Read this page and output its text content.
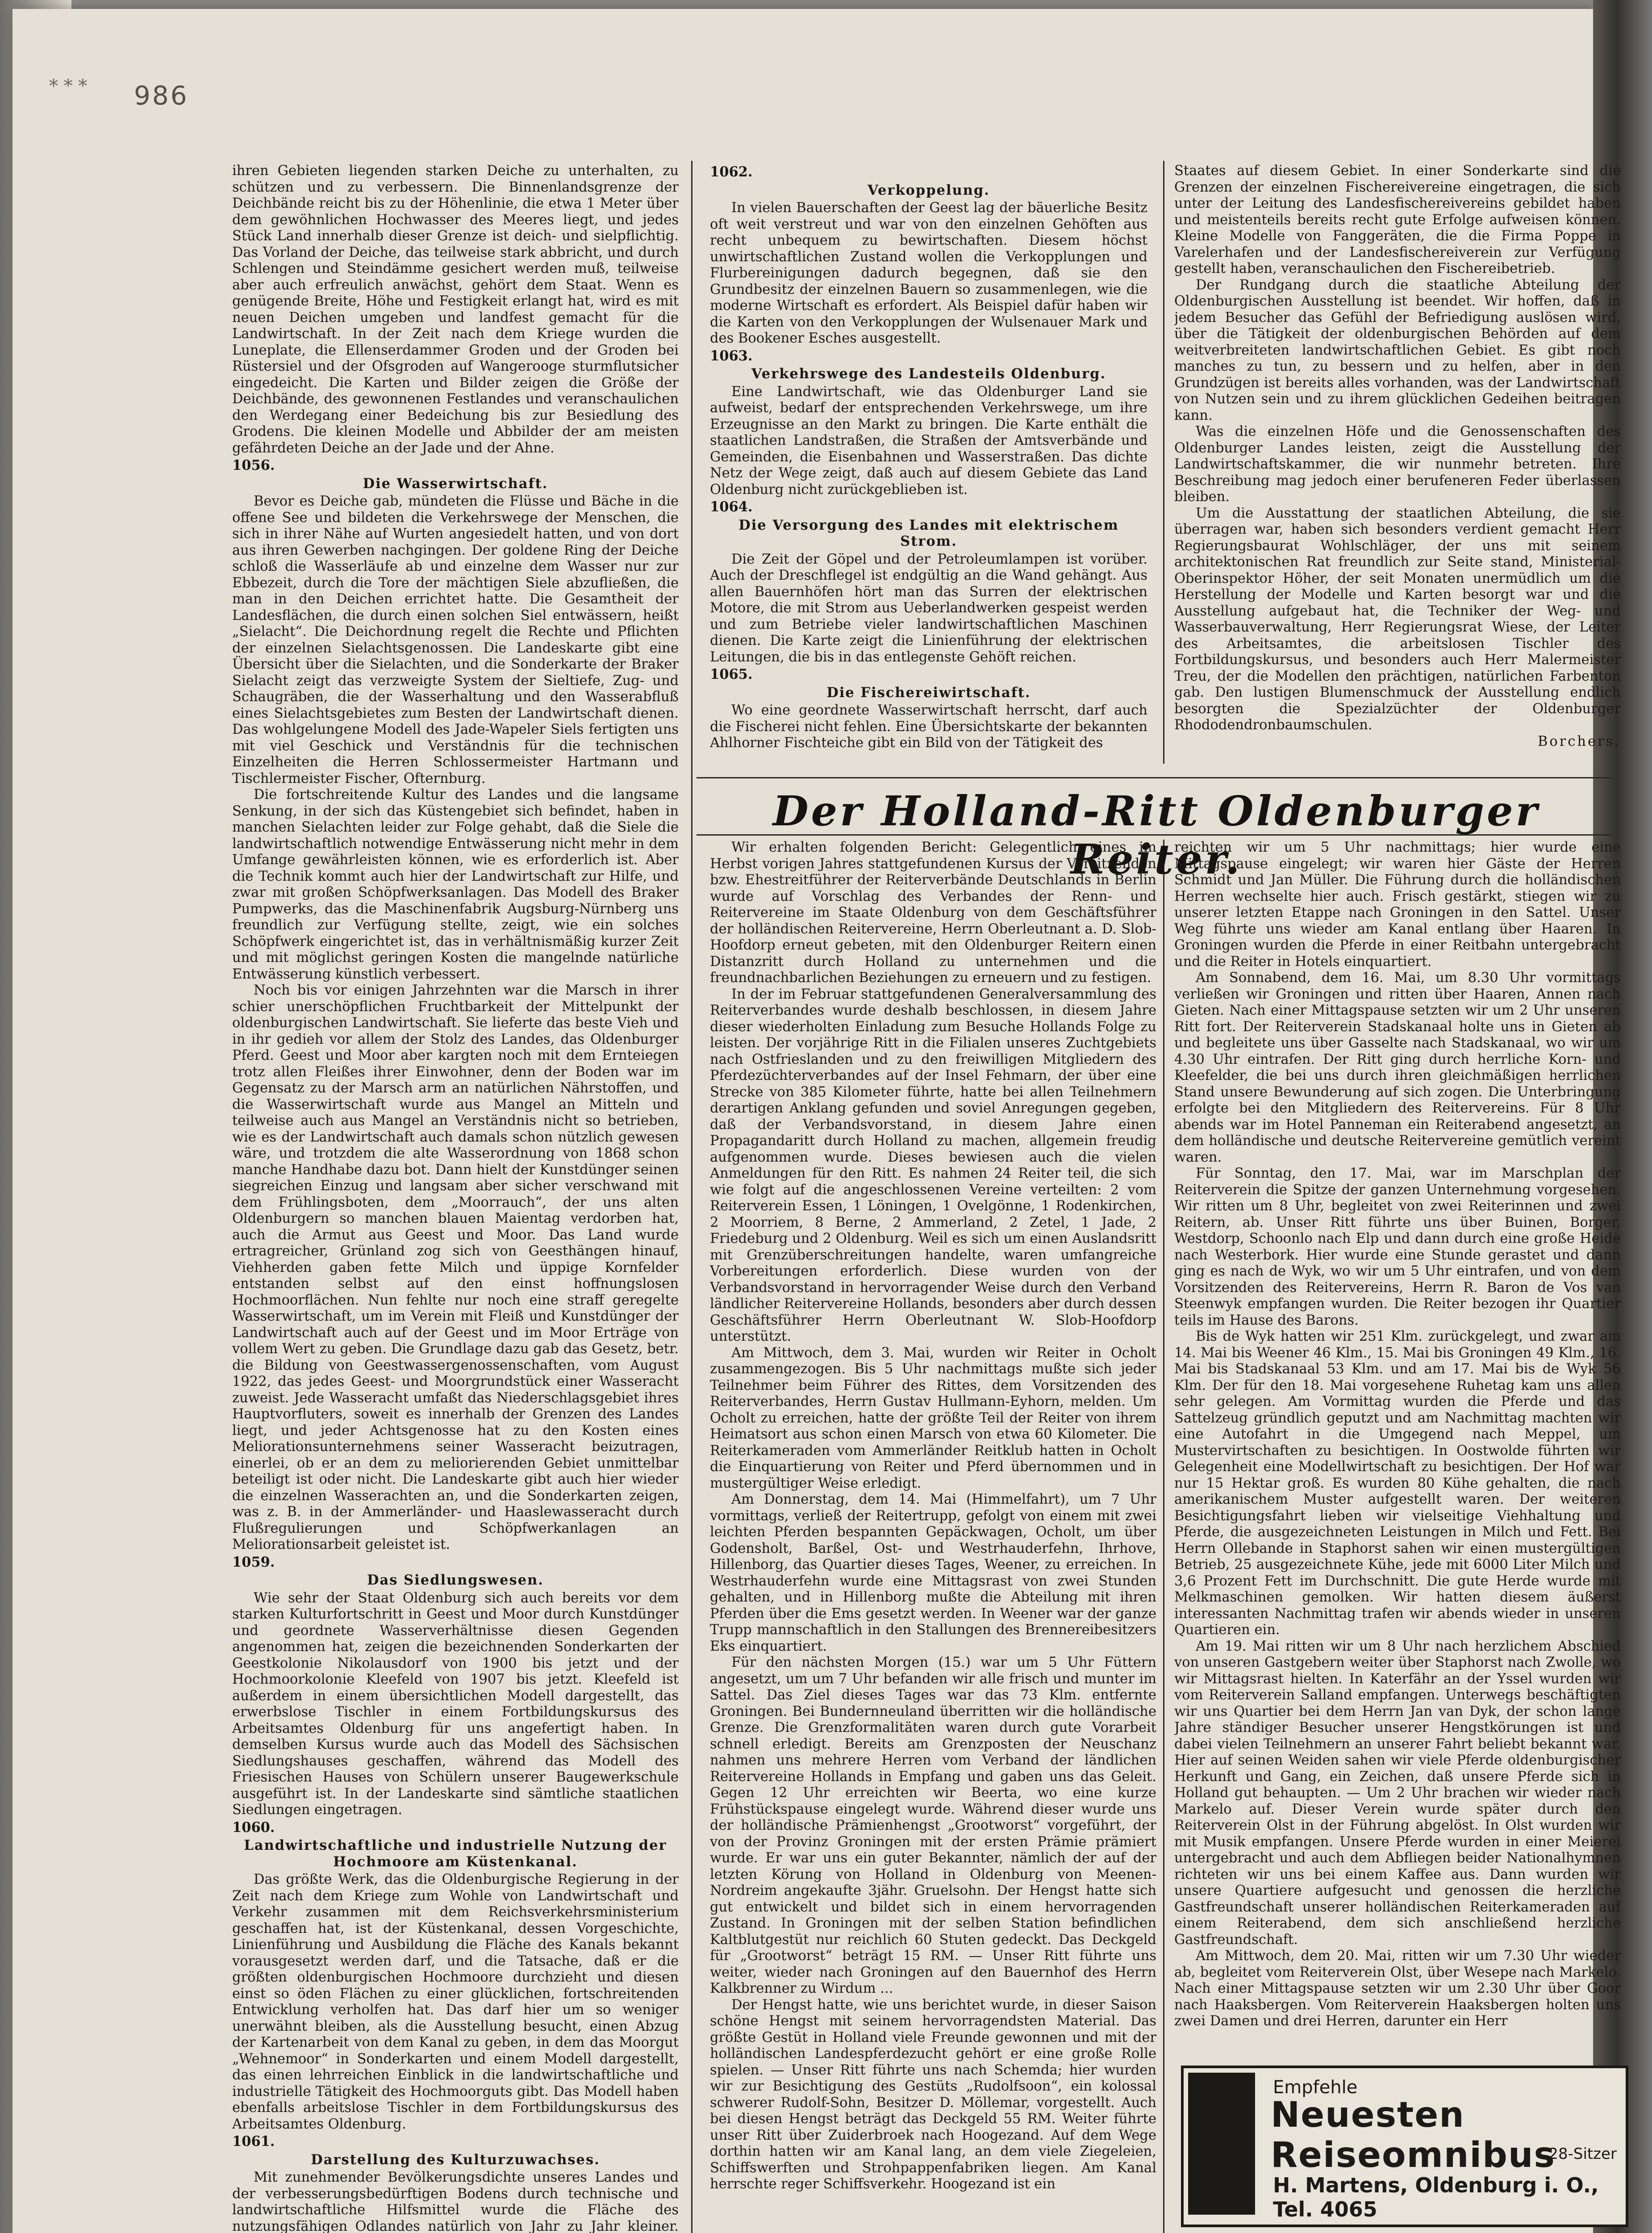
* * * 986

ihren Gebieten liegenden starken Deiche zu unterhalten, zu schützen und zu verbessern. Die Binnenlandsgrenze der Deichbände reicht bis zu der Höhenlinie, die etwa 1 Meter über dem gewöhnlichen Hochwasser des Meeres liegt, und jedes Stück Land innerhalb dieser Grenze ist deich- und sielpflichtig. Das Vorland der Deiche, das teilweise stark abbricht, und durch Schlengen und Steindämme gesichert werden muß, teilweise aber auch erfreulich anwächst, gehört dem Staat. Wenn es genügende Breite, Höhe und Festigkeit erlangt hat, wird es mit neuen Deichen umgeben und landfest gemacht für die Landwirtschaft. In der Zeit nach dem Kriege wurden die Luneplate, die Ellenserdammer Groden und der Groden bei Rüstersiel und der Ofsgroden auf Wangerooge sturmflutsicher eingedeicht. Die Karten und Bilder zeigen die Größe der Deichbände, des gewonnenen Festlandes und veranschaulichen den Werdegang einer Bedeichung bis zur Besiedlung des Grodens. Die kleinen Modelle und Abbilder der am meisten gefährdeten Deiche an der Jade und der Ahne.

1056.

Die Wasserwirtschaft.

Bevor es Deiche gab, mündeten die Flüsse und Bäche in die offene See und bildeten die Verkehrswege der Menschen, die sich in ihrer Nähe auf Wurten angesiedelt hatten, und von dort aus ihren Gewerben nachgingen. Der goldene Ring der Deiche schloß die Wasserläufe ab und einzelne dem Wasser nur zur Ebbezeit, durch die Tore der mächtigen Siele abzufließen, die man in den Deichen errichtet hatte. Die Gesamtheit der Landesflächen, die durch einen solchen Siel entwässern, heißt „Sielacht“. Die Deichordnung regelt die Rechte und Pflichten der einzelnen Sielachtsgenossen. Die Landeskarte gibt eine Übersicht über die Sielachten, und die Sonderkarte der Braker Sielacht zeigt das verzweigte System der Sieltiefe, Zug- und Schaugräben, die der Wasserhaltung und den Wasserabfluß eines Sielachtsgebietes zum Besten der Landwirtschaft dienen. Das wohlgelungene Modell des Jade-Wapeler Siels fertigten uns mit viel Geschick und Verständnis für die technischen Einzelheiten die Herren Schlossermeister Hartmann und Tischlermeister Fischer, Ofternburg.

Die fortschreitende Kultur des Landes und die langsame Senkung, in der sich das Küstengebiet sich befindet, haben in manchen Sielachten leider zur Folge gehabt, daß die Siele die landwirtschaftlich notwendige Entwässerung nicht mehr in dem Umfange gewährleisten können, wie es erforderlich ist. Aber die Technik kommt auch hier der Landwirtschaft zur Hilfe, und zwar mit großen Schöpfwerksanlagen. Das Modell des Braker Pumpwerks, das die Maschinenfabrik Augsburg-Nürnberg uns freundlich zur Verfügung stellte, zeigt, wie ein solches Schöpfwerk eingerichtet ist, das in verhältnismäßig kurzer Zeit und mit möglichst geringen Kosten die mangelnde natürliche Entwässerung künstlich verbessert.

Noch bis vor einigen Jahrzehnten war die Marsch in ihrer schier unerschöpflichen Fruchtbarkeit der Mittelpunkt der oldenburgischen Landwirtschaft. Sie lieferte das beste Vieh und in ihr gedieh vor allem der Stolz des Landes, das Oldenburger Pferd. Geest und Moor aber kargten noch mit dem Ernteiegen trotz allen Fleißes ihrer Einwohner, denn der Boden war im Gegensatz zu der Marsch arm an natürlichen Nährstoffen, und die Wasserwirtschaft wurde aus Mangel an Mitteln und teilweise auch aus Mangel an Verständnis nicht so betrieben, wie es der Landwirtschaft auch damals schon nützlich gewesen wäre, und trotzdem die alte Wasserordnung von 1868 schon manche Handhabe dazu bot. Dann hielt der Kunstdünger seinen siegreichen Einzug und langsam aber sicher verschwand mit dem Frühlingsboten, dem „Moorrauch“, der uns alten Oldenburgern so manchen blauen Maientag verdorben hat, auch die Armut aus Geest und Moor. Das Land wurde ertragreicher, Grünland zog sich von Geesthängen hinauf, Viehherden gaben fette Milch und üppige Kornfelder entstanden selbst auf den einst hoffnungslosen Hochmoorflächen. Nun fehlte nur noch eine straff geregelte Wasserwirtschaft, um im Verein mit Fleiß und Kunstdünger der Landwirtschaft auch auf der Geest und im Moor Erträge von vollem Wert zu geben. Die Grundlage dazu gab das Gesetz, betr. die Bildung von Geestwassergenossenschaften, vom August 1922, das jedes Geest- und Moorgrundstück einer Wasseracht zuweist. Jede Wasseracht umfaßt das Niederschlagsgebiet ihres Hauptvorfluters, soweit es innerhalb der Grenzen des Landes liegt, und jeder Achtsgenosse hat zu den Kosten eines Meliorationsunternehmens seiner Wasseracht beizutragen, einerlei, ob er an dem zu meliorierenden Gebiet unmittelbar beteiligt ist oder nicht. Die Landeskarte gibt auch hier wieder die einzelnen Wasserachten an, und die Sonderkarten zeigen, was z. B. in der Ammerländer- und Haaslewasseracht durch Flußregulierungen und Schöpfwerkanlagen an Meliorationsarbeit geleistet ist.

1059.

Das Siedlungswesen.

Wie sehr der Staat Oldenburg sich auch bereits vor dem starken Kulturfortschritt in Geest und Moor durch Kunstdünger und geordnete Wasserverhältnisse diesen Gegenden angenommen hat, zeigen die bezeichnenden Sonderkarten der Geestkolonie Nikolausdorf von 1900 bis jetzt und der Hochmoorkolonie Kleefeld von 1907 bis jetzt. Kleefeld ist außerdem in einem übersichtlichen Modell dargestellt, das erwerbslose Tischler in einem Fortbildungskursus des Arbeitsamtes Oldenburg für uns angefertigt haben. In demselben Kursus wurde auch das Modell des Sächsischen Siedlungshauses geschaffen, während das Modell des Friesischen Hauses von Schülern unserer Baugewerkschule ausgeführt ist. In der Landeskarte sind sämtliche staatlichen Siedlungen eingetragen.

1060.

Landwirtschaftliche und industrielle Nutzung der Hochmoore am Küstenkanal.

Das größte Werk, das die Oldenburgische Regierung in der Zeit nach dem Kriege zum Wohle von Landwirtschaft und Verkehr zusammen mit dem Reichsverkehrsministerium geschaffen hat, ist der Küstenkanal, dessen Vorgeschichte, Linienführung und Ausbildung die Fläche des Kanals bekannt vorausgesetzt werden darf, und die Tatsache, daß er die größten oldenburgischen Hochmoore durchzieht und diesen einst so öden Flächen zu einer glücklichen, fortschreitenden Entwicklung verholfen hat. Das darf hier um so weniger unerwähnt bleiben, als die Ausstellung besucht, einen Abzug der Kartenarbeit von dem Kanal zu geben, in dem das Moorgut „Wehnemoor“ in Sonderkarten und einem Modell dargestellt, das einen lehrreichen Einblick in die landwirtschaftliche und industrielle Tätigkeit des Hochmoorguts gibt. Das Modell haben ebenfalls arbeitslose Tischler in dem Fortbildungskursus des Arbeitsamtes Oldenburg.

1061.

Darstellung des Kulturzuwachses.

Mit zunehmender Bevölkerungsdichte unseres Landes und der verbesserungsbedürftigen Bodens durch technische und landwirtschaftliche Hilfsmittel wurde die Fläche des nutzungsfähigen Odlandes natürlich von Jahr zu Jahr kleiner.

1062.

Verkoppelung.

In vielen Bauerschaften der Geest lag der bäuerliche Besitz oft weit verstreut und war von den einzelnen Gehöften aus recht unbequem zu bewirtschaften. Diesem höchst unwirtschaftlichen Zustand wollen die Verkopplungen und Flurbereinigungen dadurch begegnen, daß sie den Grundbesitz der einzelnen Bauern so zusammenlegen, wie die moderne Wirtschaft es erfordert. Als Beispiel dafür haben wir die Karten von den Verkopplungen der Wulsenauer Mark und des Bookener Esches ausgestellt.

1063.

Verkehrswege des Landesteils Oldenburg.

Eine Landwirtschaft, wie das Oldenburger Land sie aufweist, bedarf der entsprechenden Verkehrswege, um ihre Erzeugnisse an den Markt zu bringen. Die Karte enthält die staatlichen Landstraßen, die Straßen der Amtsverbände und Gemeinden, die Eisenbahnen und Wasserstraßen. Das dichte Netz der Wege zeigt, daß auch auf diesem Gebiete das Land Oldenburg nicht zurückgeblieben ist.

1064.

Die Versorgung des Landes mit elektrischem Strom.

Die Zeit der Göpel und der Petroleumlampen ist vorüber. Auch der Dreschflegel ist endgültig an die Wand gehängt. Aus allen Bauernhöfen hört man das Surren der elektrischen Motore, die mit Strom aus Ueberlandwerken gespeist werden und zum Betriebe vieler landwirtschaftlichen Maschinen dienen. Die Karte zeigt die Linienführung der elektrischen Leitungen, die bis in das entlegenste Gehöft reichen.

1065.

Die Fischereiwirtschaft.

Wo eine geordnete Wasserwirtschaft herrscht, darf auch die Fischerei nicht fehlen. Eine Übersichtskarte der bekannten Ahlhorner Fischteiche gibt ein Bild von der Tätigkeit des

Staates auf diesem Gebiet. In einer Sonderkarte sind die Grenzen der einzelnen Fischereivereine eingetragen, die sich unter der Leitung des Landesfischereivereins gebildet haben und meistenteils bereits recht gute Erfolge aufweisen können. Kleine Modelle von Fanggeräten, die die Firma Poppe in Varelerhafen und der Landesfischereiverein zur Verfügung gestellt haben, veranschaulichen den Fischereibetrieb.

Der Rundgang durch die staatliche Abteilung der Oldenburgischen Ausstellung ist beendet. Wir hoffen, daß in jedem Besucher das Gefühl der Befriedigung auslösen wird, über die Tätigkeit der oldenburgischen Behörden auf dem weitverbreiteten landwirtschaftlichen Gebiet. Es gibt noch manches zu tun, zu bessern und zu helfen, aber in den Grundzügen ist bereits alles vorhanden, was der Landwirtschaft von Nutzen sein und zu ihrem glücklichen Gedeihen beitragen kann.

Was die einzelnen Höfe und die Genossenschaften des Oldenburger Landes leisten, zeigt die Ausstellung der Landwirtschaftskammer, die wir nunmehr betreten. Ihre Beschreibung mag jedoch einer berufeneren Feder überlassen bleiben.

Um die Ausstattung der staatlichen Abteilung, die sie überragen war, haben sich besonders verdient gemacht Herr Regierungsbaurat Wohlschläger, der uns mit seinem architektonischen Rat freundlich zur Seite stand, Ministerial-Oberinspektor Höher, der seit Monaten unermüdlich um die Herstellung der Modelle und Karten besorgt war und die Ausstellung aufgebaut hat, die Techniker der Weg- und Wasserbauverwaltung, Herr Regierungsrat Wiese, der Leiter des Arbeitsamtes, die arbeitslosen Tischler des Fortbildungskursus, und besonders auch Herr Malermeister Treu, der die Modellen den prächtigen, natürlichen Farbenton gab. Den lustigen Blumenschmuck der Ausstellung endlich besorgten die Spezialzüchter der Oldenburger Rhododendronbaumschulen.

Borchers.

Der Holland-Ritt Oldenburger Reiter.

Wir erhalten folgenden Bericht: Gelegentlich eines im Herbst vorigen Jahres stattgefundenen Kursus der Vorsitzenden bzw. Ehestreitführer der Reiterverbände Deutschlands in Berlin wurde auf Vorschlag des Verbandes der Renn- und Reitervereine im Staate Oldenburg von dem Geschäftsführer der holländischen Reitervereine, Herrn Oberleutnant a. D. Slob-Hoofdorp erneut gebeten, mit den Oldenburger Reitern einen Distanzritt durch Holland zu unternehmen und die freundnachbarlichen Beziehungen zu erneuern und zu festigen.

In der im Februar stattgefundenen Generalversammlung des Reiterverbandes wurde deshalb beschlossen, in diesem Jahre dieser wiederholten Einladung zum Besuche Hollands Folge zu leisten. Der vorjährige Ritt in die Filialen unseres Zuchtgebiets nach Ostfrieslanden und zu den freiwilligen Mitgliedern des Pferdezüchterverbandes auf der Insel Fehmarn, der über eine Strecke von 385 Kilometer führte, hatte bei allen Teilnehmern derartigen Anklang gefunden und soviel Anregungen gegeben, daß der Verbandsvorstand, in diesem Jahre einen Propagandaritt durch Holland zu machen, allgemein freudig aufgenommen wurde. Dieses bewiesen auch die vielen Anmeldungen für den Ritt. Es nahmen 24 Reiter teil, die sich wie folgt auf die angeschlossenen Vereine verteilten: 2 vom Reiterverein Essen, 1 Löningen, 1 Ovelgönne, 1 Rodenkirchen, 2 Moorriem, 8 Berne, 2 Ammerland, 2 Zetel, 1 Jade, 2 Friedeburg und 2 Oldenburg. Weil es sich um einen Auslandsritt mit Grenzüberschreitungen handelte, waren umfangreiche Vorbereitungen erforderlich. Diese wurden von der Verbandsvorstand in hervorragender Weise durch den Verband ländlicher Reitervereine Hollands, besonders aber durch dessen Geschäftsführer Herrn Oberleutnant W. Slob-Hoofdorp unterstützt.

Am Mittwoch, dem 3. Mai, wurden wir Reiter in Ocholt zusammengezogen. Bis 5 Uhr nachmittags mußte sich jeder Teilnehmer beim Führer des Rittes, dem Vorsitzenden des Reiterverbandes, Herrn Gustav Hullmann-Eyhorn, melden. Um Ocholt zu erreichen, hatte der größte Teil der Reiter von ihrem Heimatsort aus schon einen Marsch von etwa 60 Kilometer. Die Reiterkameraden vom Ammerländer Reitklub hatten in Ocholt die Einquartierung von Reiter und Pferd übernommen und in mustergültiger Weise erledigt.

Am Donnerstag, dem 14. Mai (Himmelfahrt), um 7 Uhr vormittags, verließ der Reitertrupp, gefolgt von einem mit zwei leichten Pferden bespannten Gepäckwagen, Ocholt, um über Godensholt, Barßel, Ost- und Westrhauderfehn, Ihrhove, Hillenborg, das Quartier dieses Tages, Weener, zu erreichen. In Westrhauderfehn wurde eine Mittagsrast von zwei Stunden gehalten, und in Hillenborg mußte die Abteilung mit ihren Pferden über die Ems gesetzt werden. In Weener war der ganze Trupp mannschaftlich in den Stallungen des Brennereibesitzers Eks einquartiert.

Für den nächsten Morgen (15.) war um 5 Uhr Füttern angesetzt, um um 7 Uhr befanden wir alle frisch und munter im Sattel. Das Ziel dieses Tages war das 73 Klm. entfernte Groningen. Bei Bundernneuland überritten wir die holländische Grenze. Die Grenzformalitäten waren durch gute Vorarbeit schnell erledigt. Bereits am Grenzposten der Neuschanz nahmen uns mehrere Herren vom Verband der ländlichen Reitervereine Hollands in Empfang und gaben uns das Geleit. Gegen 12 Uhr erreichten wir Beerta, wo eine kurze Frühstückspause eingelegt wurde. Während dieser wurde uns der holländische Prämienhengst „Grootworst“ vorgeführt, der von der Provinz Groningen mit der ersten Prämie prämiert wurde. Er war uns ein guter Bekannter, nämlich der auf der letzten Körung von Holland in Oldenburg von Meenen-Nordreim angekaufte 3jähr. Gruelsohn. Der Hengst hatte sich gut entwickelt und bildet sich in einem hervorragenden Zustand. In Groningen mit der selben Station befindlichen Kaltblutgestüt nur reichlich 60 Stuten gedeckt. Das Deckgeld für „Grootworst“ beträgt 15 RM. — Unser Ritt führte uns weiter, wieder nach Groningen auf den Bauernhof des Herrn Kalkbrenner zu Wirdum ...

Der Hengst hatte, wie uns berichtet wurde, in dieser Saison schöne Hengst mit seinem hervorragendsten Material. Das größte Gestüt in Holland viele Freunde gewonnen und mit der holländischen Landespferdezucht gehört er eine große Rolle spielen. — Unser Ritt führte uns nach Schemda; hier wurden wir zur Besichtigung des Gestüts „Rudolfsoon“, ein kolossal schwerer Rudolf-Sohn, Besitzer D. Möllemar, vorgestellt. Auch bei diesen Hengst beträgt das Deckgeld 55 RM. Weiter führte unser Ritt über Zuiderbroek nach Hoogezand. Auf dem Wege dorthin hatten wir am Kanal lang, an dem viele Ziegeleien, Schiffswerften und Strohpappenfabriken liegen. Am Kanal herrschte reger Schiffsverkehr. Hoogezand ist ein

reichten wir um 5 Uhr nachmittags; hier wurde eine Mittagspause eingelegt; wir waren hier Gäste der Herren Schmidt und Jan Müller. Die Führung durch die holländischen Herren wechselte hier auch. Frisch gestärkt, stiegen wir zu unserer letzten Etappe nach Groningen in den Sattel. Unser Weg führte uns wieder am Kanal entlang über Haaren. In Groningen wurden die Pferde in einer Reitbahn untergebracht und die Reiter in Hotels einquartiert.

Am Sonnabend, dem 16. Mai, um 8.30 Uhr vormittags verließen wir Groningen und ritten über Haaren, Annen nach Gieten. Nach einer Mittagspause setzten wir um 2 Uhr unseren Ritt fort. Der Reiterverein Stadskanaal holte uns in Gieten ab und begleitete uns über Gasselte nach Stadskanaal, wo wir um 4.30 Uhr eintrafen. Der Ritt ging durch herrliche Korn- und Kleefelder, die bei uns durch ihren gleichmäßigen herrlichen Stand unsere Bewunderung auf sich zogen. Die Unterbringung erfolgte bei den Mitgliedern des Reitervereins. Für 8 Uhr abends war im Hotel Panneman ein Reiterabend angesetzt, an dem holländische und deutsche Reitervereine gemütlich vereint waren.

Für Sonntag, den 17. Mai, war im Marschplan der Reiterverein die Spitze der ganzen Unternehmung vorgesehen. Wir ritten um 8 Uhr, begleitet von zwei Reiterinnen und zwei Reitern, ab. Unser Ritt führte uns über Buinen, Borger, Westdorp, Schoonlo nach Elp und dann durch eine große Heide nach Westerbork. Hier wurde eine Stunde gerastet und dann ging es nach de Wyk, wo wir um 5 Uhr eintrafen, und von dem Vorsitzenden des Reitervereins, Herrn R. Baron de Vos van Steenwyk empfangen wurden. Die Reiter bezogen ihr Quartier teils im Hause des Barons.

Bis de Wyk hatten wir 251 Klm. zurückgelegt, und zwar am 14. Mai bis Weener 46 Klm., 15. Mai bis Groningen 49 Klm., 16. Mai bis Stadskanaal 53 Klm. und am 17. Mai bis de Wyk 56 Klm. Der für den 18. Mai vorgesehene Ruhetag kam uns allen sehr gelegen. Am Vormittag wurden die Pferde und das Sattelzeug gründlich geputzt und am Nachmittag machten wir eine Autofahrt in die Umgegend nach Meppel, um Mustervirtschaften zu besichtigen. In Oostwolde führten wir Gelegenheit eine Modellwirtschaft zu besichtigen. Der Hof war nur 15 Hektar groß. Es wurden 80 Kühe gehalten, die nach amerikanischem Muster aufgestellt waren. Der weiteren Besichtigungsfahrt lieben wir vielseitige Viehhaltung und Pferde, die ausgezeichneten Leistungen in Milch und Fett. Bei Herrn Ollebande in Staphorst sahen wir einen mustergültigen Betrieb, 25 ausgezeichnete Kühe, jede mit 6000 Liter Milch und 3,6 Prozent Fett im Durchschnitt. Die gute Herde wurde mit Melkmaschinen gemolken. Wir hatten diesem äußerst interessanten Nachmittag trafen wir abends wieder in unseren Quartieren ein.

Am 19. Mai ritten wir um 8 Uhr nach herzlichem Abschied von unseren Gastgebern weiter über Staphorst nach Zwolle, wo wir Mittagsrast hielten. In Katerfähr an der Yssel wurden wir vom Reiterverein Salland empfangen. Unterwegs beschäftigten wir uns Quartier bei dem Herrn Jan van Dyk, der schon lange Jahre ständiger Besucher unserer Hengstkörungen ist und dabei vielen Teilnehmern an unserer Fahrt beliebt bekannt war. Hier auf seinen Weiden sahen wir viele Pferde oldenburgischer Herkunft und Gang, ein Zeichen, daß unsere Pferde sich in Holland gut behaupten. — Um 2 Uhr brachen wir wieder nach Markelo auf. Dieser Verein wurde später durch den Reiterverein Olst in der Führung abgelöst. In Olst wurden wir mit Musik empfangen. Unsere Pferde wurden in einer Meierei untergebracht und auch dem Abfliegen beider Nationalhymnen richteten wir uns bei einem Kaffee aus. Dann wurden wir unsere Quartiere aufgesucht und genossen die herzliche Gastfreundschaft unserer holländischen Reiterkameraden auf einem Reiterabend, dem sich anschließend herzliche Gastfreundschaft.

Am Mittwoch, dem 20. Mai, ritten wir um 7.30 Uhr wieder ab, begleitet vom Reiterverein Olst, über Wesepe nach Markelo. Nach einer Mittagspause setzten wir um 2.30 Uhr über Goor nach Haaksbergen. Vom Reiterverein Haaksbergen holten uns zwei Damen und drei Herren, darunter ein Herr

Empfehle
Neuesten Reiseomnibus
28-Sitzer
H. Martens, Oldenburg i. O., Tel. 4065
